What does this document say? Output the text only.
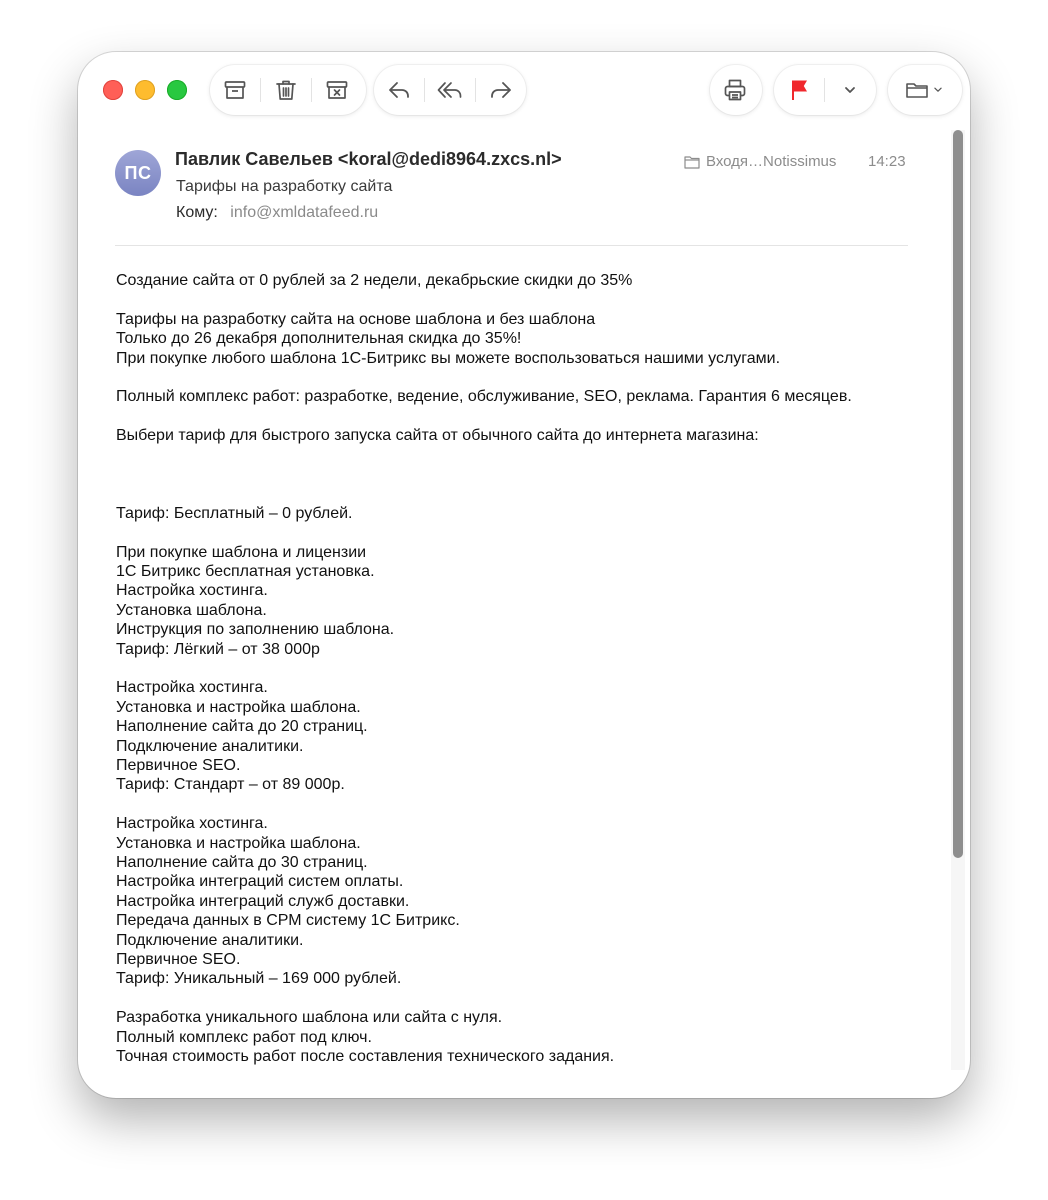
ПС
Павлик Савельев <koral@dedi8964.zxcs.nl>
Тарифы на разработку сайта
Кому: info@xmldatafeed.ru
Входя…Notissimus 14:23
Создание сайта от 0 рублей за 2 недели, декабрьские скидки до 35%
Тарифы на разработку сайта на основе шаблона и без шаблона
Только до 26 декабря дополнительная скидка до 35%!
При покупке любого шаблона 1С-Битрикс вы можете воспользоваться нашими услугами.
Полный комплекс работ: разработке, ведение, обслуживание, SEO, реклама. Гарантия 6 месяцев.
Выбери тариф для быстрого запуска сайта от обычного сайта до интернета магазина:
Тариф: Бесплатный – 0 рублей.
При покупке шаблона и лицензии
1С Битрикс бесплатная установка.
Настройка хостинга.
Установка шаблона.
Инструкция по заполнению шаблона.
Тариф: Лёгкий – от 38 000р
Настройка хостинга.
Установка и настройка шаблона.
Наполнение сайта до 20 страниц.
Подключение аналитики.
Первичное SEO.
Тариф: Стандарт – от 89 000р.
Настройка хостинга.
Установка и настройка шаблона.
Наполнение сайта до 30 страниц.
Настройка интеграций систем оплаты.
Настройка интеграций служб доставки.
Передача данных в СРМ систему 1С Битрикс.
Подключение аналитики.
Первичное SEO.
Тариф: Уникальный – 169 000 рублей.
Разработка уникального шаблона или сайта с нуля.
Полный комплекс работ под ключ.
Точная стоимость работ после составления технического задания.
